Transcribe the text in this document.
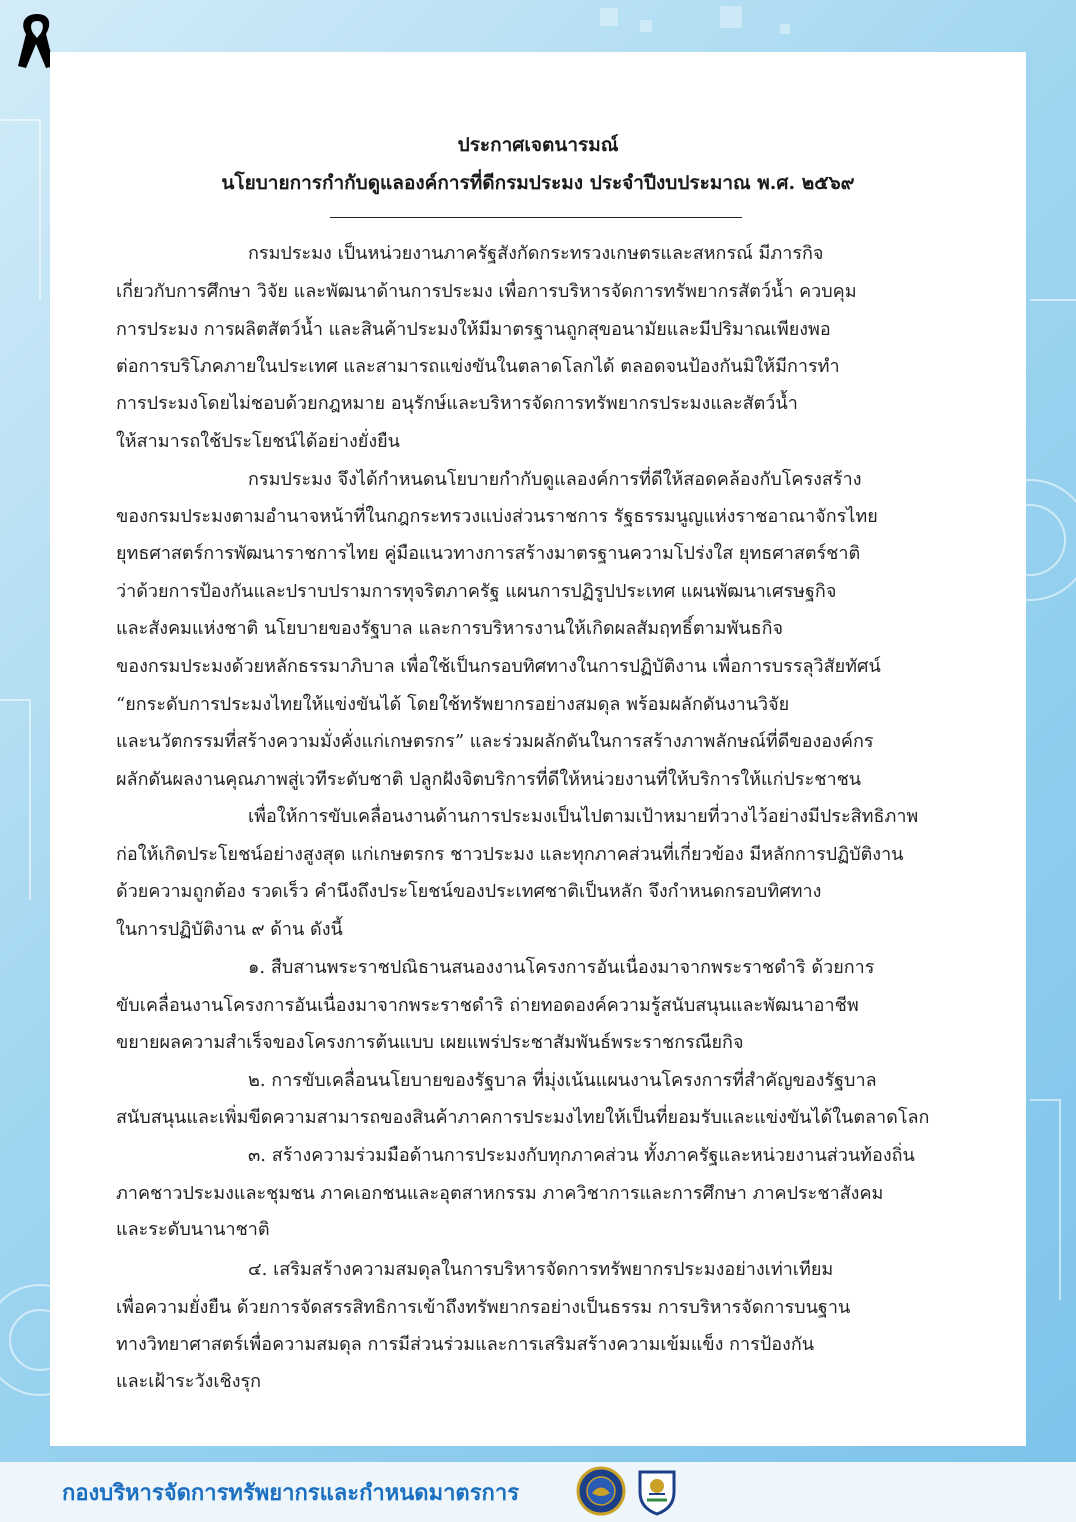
ประกาศเจตนารมณ์
นโยบายการกำกับดูแลองค์การที่ดีกรมประมง ประจำปีงบประมาณ พ.ศ. ๒๕๖๙
กรมประมง เป็นหน่วยงานภาครัฐสังกัดกระทรวงเกษตรและสหกรณ์ มีภารกิจ
เกี่ยวกับการศึกษา วิจัย และพัฒนาด้านการประมง เพื่อการบริหารจัดการทรัพยากรสัตว์น้ำ ควบคุม
การประมง การผลิตสัตว์น้ำ และสินค้าประมงให้มีมาตรฐานถูกสุขอนามัยและมีปริมาณเพียงพอ
ต่อการบริโภคภายในประเทศ และสามารถแข่งขันในตลาดโลกได้ ตลอดจนป้องกันมิให้มีการทำ
การประมงโดยไม่ชอบด้วยกฎหมาย อนุรักษ์และบริหารจัดการทรัพยากรประมงและสัตว์น้ำ
ให้สามารถใช้ประโยชน์ได้อย่างยั่งยืน
กรมประมง จึงได้กำหนดนโยบายกำกับดูแลองค์การที่ดีให้สอดคล้องกับโครงสร้าง
ของกรมประมงตามอำนาจหน้าที่ในกฎกระทรวงแบ่งส่วนราชการ รัฐธรรมนูญแห่งราชอาณาจักรไทย
ยุทธศาสตร์การพัฒนาราชการไทย คู่มือแนวทางการสร้างมาตรฐานความโปร่งใส ยุทธศาสตร์ชาติ
ว่าด้วยการป้องกันและปราบปรามการทุจริตภาครัฐ แผนการปฏิรูปประเทศ แผนพัฒนาเศรษฐกิจ
และสังคมแห่งชาติ นโยบายของรัฐบาล และการบริหารงานให้เกิดผลสัมฤทธิ์ตามพันธกิจ
ของกรมประมงด้วยหลักธรรมาภิบาล เพื่อใช้เป็นกรอบทิศทางในการปฏิบัติงาน เพื่อการบรรลุวิสัยทัศน์
“ยกระดับการประมงไทยให้แข่งขันได้ โดยใช้ทรัพยากรอย่างสมดุล พร้อมผลักดันงานวิจัย
และนวัตกรรมที่สร้างความมั่งคั่งแก่เกษตรกร” และร่วมผลักดันในการสร้างภาพลักษณ์ที่ดีขององค์กร
ผลักดันผลงานคุณภาพสู่เวทีระดับชาติ ปลูกฝังจิตบริการที่ดีให้หน่วยงานที่ให้บริการให้แก่ประชาชน
เพื่อให้การขับเคลื่อนงานด้านการประมงเป็นไปตามเป้าหมายที่วางไว้อย่างมีประสิทธิภาพ
ก่อให้เกิดประโยชน์อย่างสูงสุด แก่เกษตรกร ชาวประมง และทุกภาคส่วนที่เกี่ยวข้อง มีหลักการปฏิบัติงาน
ด้วยความถูกต้อง รวดเร็ว คำนึงถึงประโยชน์ของประเทศชาติเป็นหลัก จึงกำหนดกรอบทิศทาง
ในการปฏิบัติงาน ๙ ด้าน ดังนี้
๑. สืบสานพระราชปณิธานสนองงานโครงการอันเนื่องมาจากพระราชดำริ ด้วยการ
ขับเคลื่อนงานโครงการอันเนื่องมาจากพระราชดำริ ถ่ายทอดองค์ความรู้สนับสนุนและพัฒนาอาชีพ
ขยายผลความสำเร็จของโครงการต้นแบบ เผยแพร่ประชาสัมพันธ์พระราชกรณียกิจ
๒. การขับเคลื่อนนโยบายของรัฐบาล ที่มุ่งเน้นแผนงานโครงการที่สำคัญของรัฐบาล
สนับสนุนและเพิ่มขีดความสามารถของสินค้าภาคการประมงไทยให้เป็นที่ยอมรับและแข่งขันได้ในตลาดโลก
๓. สร้างความร่วมมือด้านการประมงกับทุกภาคส่วน ทั้งภาครัฐและหน่วยงานส่วนท้องถิ่น
ภาคชาวประมงและชุมชน ภาคเอกชนและอุตสาหกรรม ภาควิชาการและการศึกษา ภาคประชาสังคม
และระดับนานาชาติ
๔. เสริมสร้างความสมดุลในการบริหารจัดการทรัพยากรประมงอย่างเท่าเทียม
เพื่อความยั่งยืน ด้วยการจัดสรรสิทธิการเข้าถึงทรัพยากรอย่างเป็นธรรม การบริหารจัดการบนฐาน
ทางวิทยาศาสตร์เพื่อความสมดุล การมีส่วนร่วมและการเสริมสร้างความเข้มแข็ง การป้องกัน
และเฝ้าระวังเชิงรุก
กองบริหารจัดการทรัพยากรและกำหนดมาตรการ
